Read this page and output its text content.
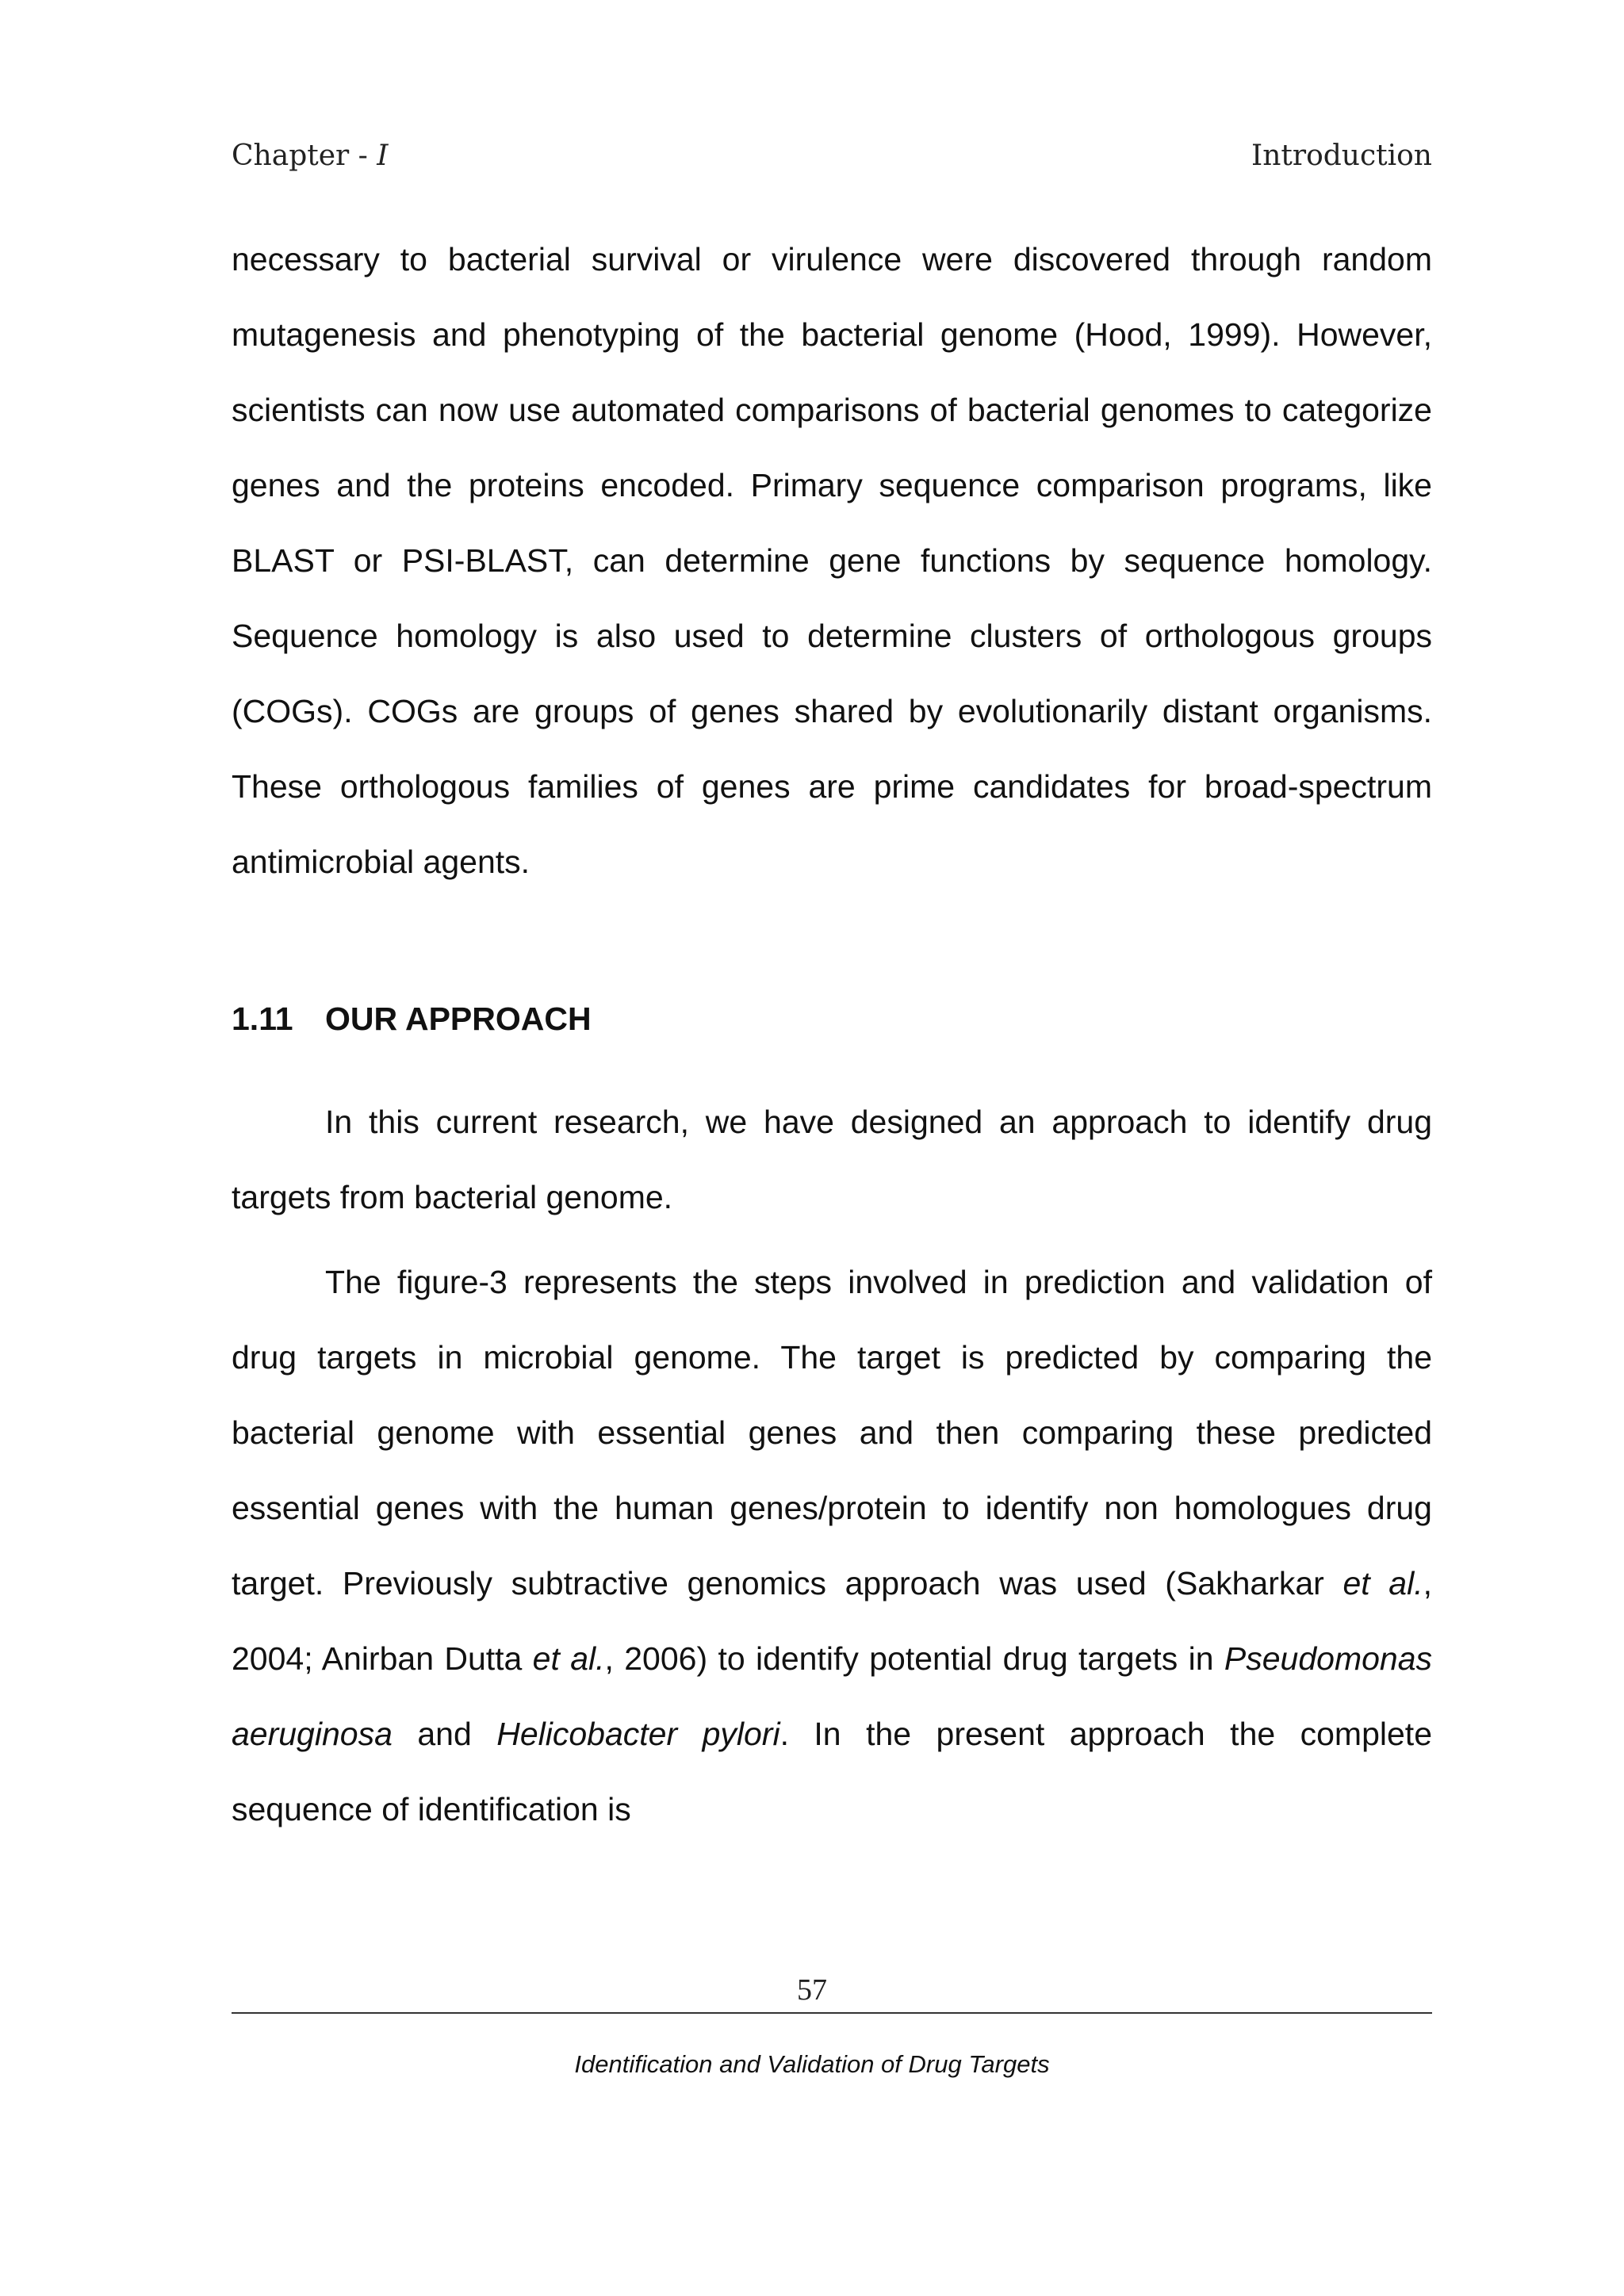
Chapter - I	Introduction
necessary to bacterial survival or virulence were discovered through random mutagenesis and phenotyping of the bacterial genome (Hood, 1999). However, scientists can now use automated comparisons of bacterial genomes to categorize genes and the proteins encoded. Primary sequence comparison programs, like BLAST or PSI-BLAST, can determine gene functions by sequence homology. Sequence homology is also used to determine clusters of orthologous groups (COGs). COGs are groups of genes shared by evolutionarily distant organisms. These orthologous families of genes are prime candidates for broad-spectrum antimicrobial agents.
1.11 OUR APPROACH
In this current research, we have designed an approach to identify drug targets from bacterial genome.
The figure-3 represents the steps involved in prediction and validation of drug targets in microbial genome. The target is predicted by comparing the bacterial genome with essential genes and then comparing these predicted essential genes with the human genes/protein to identify non homologues drug target. Previously subtractive genomics approach was used (Sakharkar et al., 2004; Anirban Dutta et al., 2006) to identify potential drug targets in Pseudomonas aeruginosa and Helicobacter pylori. In the present approach the complete sequence of identification is
57
Identification and Validation of Drug Targets
